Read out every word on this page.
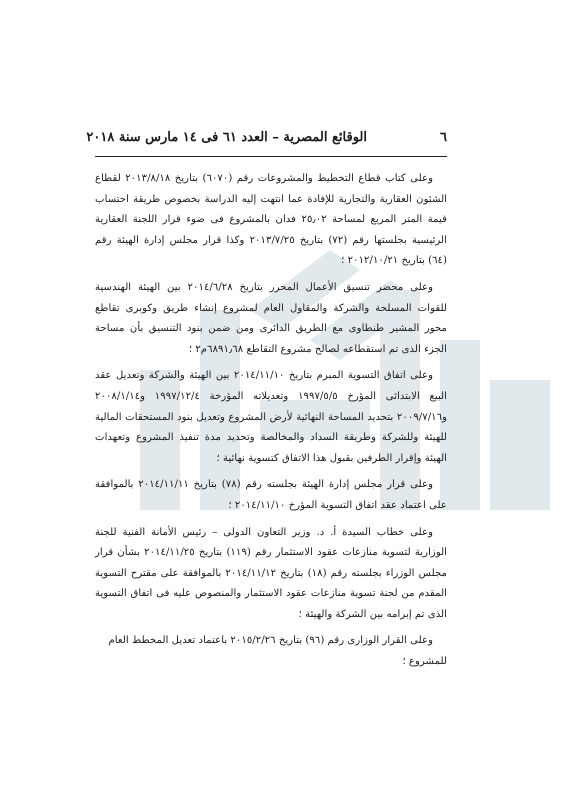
٦
الوقائع المصرية – العدد ٦١ فى ١٤ مارس سنة ٢٠١٨

وعلى كتاب قطاع التخطيط والمشروعات رقم (٦٠٧٠) بتاريخ ٢٠١٣/٨/١٨ لقطاع الشئون العقارية والتجارية للإفادة عما انتهت إليه الدراسة بخصوص طريقة احتساب قيمة المتر المربع لمساحة ٢٥٫٠٢ فدان بالمشروع فى ضوء قرار اللجنة العقارية الرئيسية بجلستها رقم (٧٢) بتاريخ ٢٠١٣/٧/٢٥ وكذا قرار مجلس إدارة الهيئة رقم (٦٤) بتاريخ ٢٠١٢/١٠/٢١ ؛

وعلى محضر تنسيق الأعمال المحرر بتاريخ ٢٠١٤/٦/٢٨ بين الهيئة الهندسية للقوات المسلحة والشركة والمقاول العام لمشروع إنشاء طريق وكوبرى تقاطع محور المشير طنطاوى مع الطريق الدائرى ومن ضمن بنود التنسيق بأن مساحة الجزء الذى تم استقطاعه لصالح مشروع التقاطع ٦٨٩١٫٦٨م٢ ؛

وعلى اتفاق التسوية المبرم بتاريخ ٢٠١٤/١١/١٠ بين الهيئة والشركة وتعديل عقد البيع الابتدائى المؤرخ ١٩٩٧/٥/٥ وتعديلاته المؤرخة ١٩٩٧/١٢/٤ و٢٠٠٨/١/١٤ و٢٠٠٩/٧/١٦ بتحديد المساحة النهائية لأرض المشروع وتعديل بنود المستحقات المالية للهيئة وللشركة وطريقة السداد والمخالصة وتحديد مدة تنفيذ المشروع وتعهدات الهيئة وإقرار الطرفين بقبول هذا الاتفاق كتسوية نهائية ؛

وعلى قرار مجلس إدارة الهيئة بجلسته رقم (٧٨) بتاريخ ٢٠١٤/١١/١١ بالموافقة على اعتماد عقد اتفاق التسوية المؤرخ ٢٠١٤/١١/١٠ ؛

وعلى خطاب السيدة أ. د. وزير التعاون الدولى – رئيس الأمانة الفنية للجنة الوزارية لتسوية منازعات عقود الاستثمار رقم (١١٩) بتاريخ ٢٠١٤/١١/٢٥ بشأن قرار مجلس الوزراء بجلسته رقم (١٨) بتاريخ ٢٠١٤/١١/١٢ بالموافقة على مقترح التسوية المقدم من لجنة تسوية منازعات عقود الاستثمار والمنصوص عليه فى اتفاق التسوية الذى تم إبرامه بين الشركة والهيئة ؛

وعلى القرار الوزارى رقم (٩٦) بتاريخ ٢٠١٥/٢/٢٦ باعتماد تعديل المخطط العام للمشروع ؛
